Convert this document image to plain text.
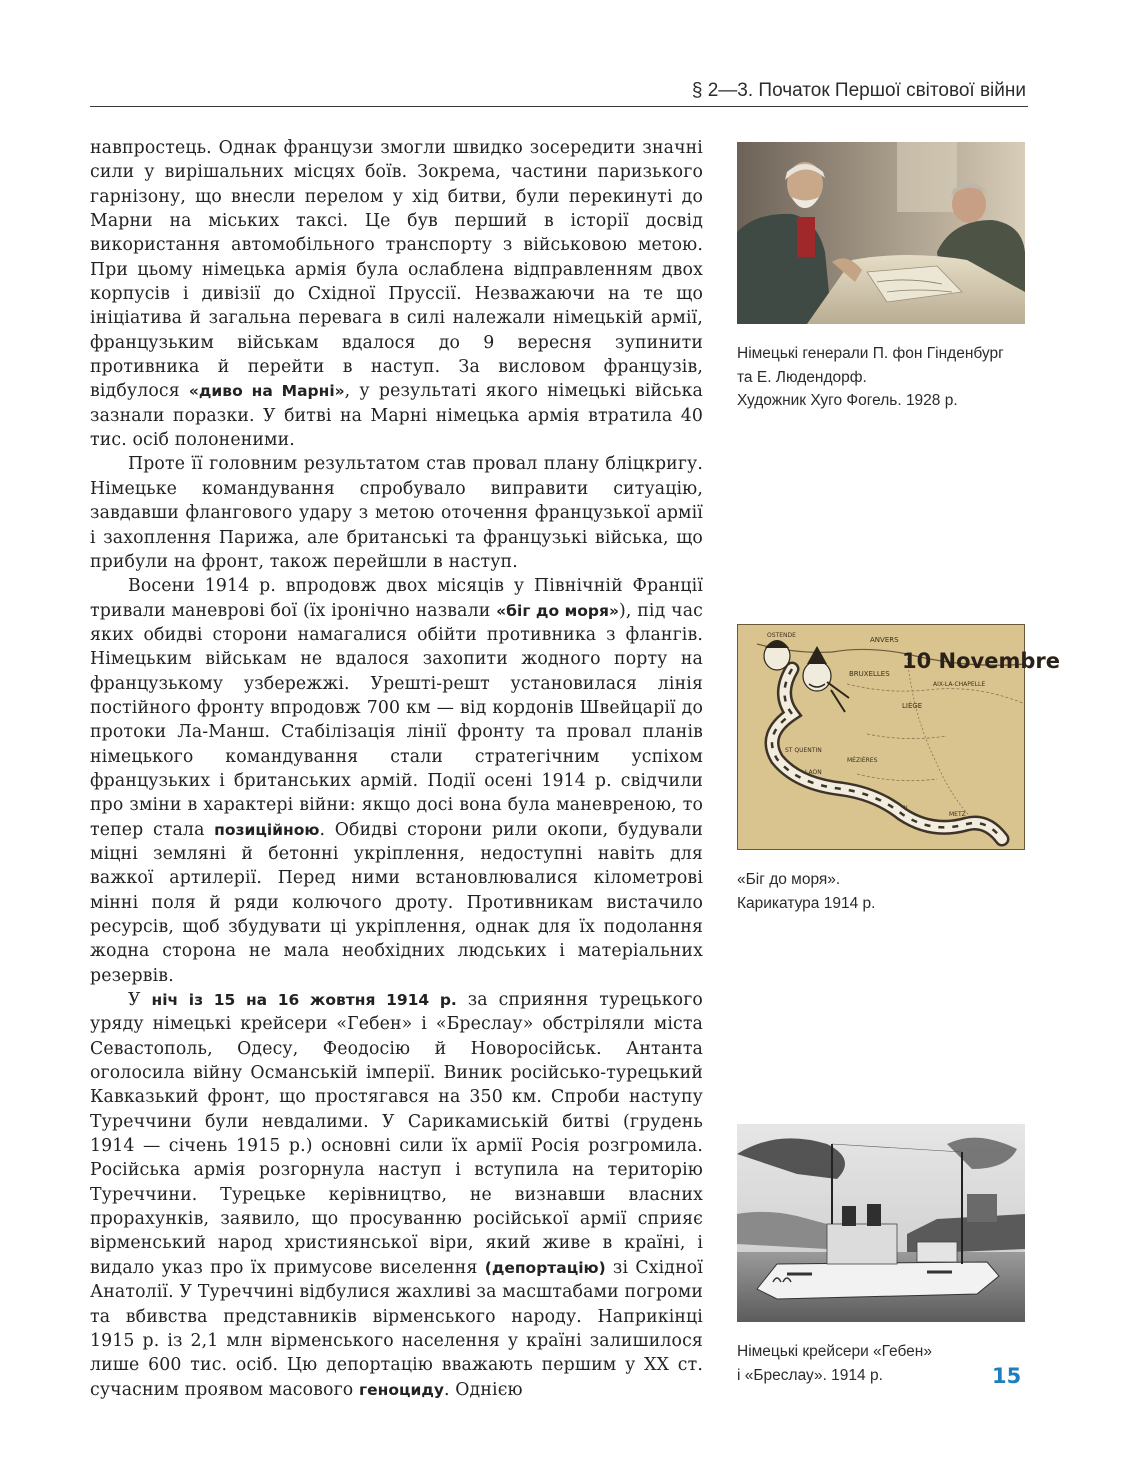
§ 2—3. Початок Першої світової війни

навпростець. Однак французи змогли швидко зосередити значні сили у вирішальних місцях боїв. Зокрема, частини паризького гарнізону, що внесли перелом у хід битви, були перекинуті до Марни на міських таксі. Це був перший в історії досвід використання автомобільного транспорту з військовою метою. При цьому німецька армія була ослаблена відправленням двох корпусів і дивізії до Східної Пруссії. Незважаючи на те що ініціатива й загальна перевага в силі належали німецькій армії, французьким військам вдалося до 9 вересня зупинити противника й перейти в наступ. За висловом французів, відбулося «диво на Марні», у результаті якого німецькі війська зазнали поразки. У битві на Марні німецька армія втратила 40 тис. осіб полоненими.

Проте її головним результатом став провал плану бліцкригу. Німецьке командування спробувало виправити ситуацію, завдавши флангового удару з метою оточення французької армії і захоплення Парижа, але британські та французькі війська, що прибули на фронт, також перейшли в наступ.

Восени 1914 р. впродовж двох місяців у Північній Франції тривали маневрові бої (їх іронічно назвали «біг до моря»), під час яких обидві сторони намагалися обійти противника з флангів. Німецьким військам не вдалося захопити жодного порту на французькому узбережжі. Урешті-решт установилася лінія постійного фронту впродовж 700 км — від кордонів Швейцарії до протоки Ла-Манш. Стабілізація лінії фронту та провал планів німецького командування стали стратегічним успіхом французьких і британських армій. Події осені 1914 р. свідчили про зміни в характері війни: якщо досі вона була маневреною, то тепер стала позиційною. Обидві сторони рили окопи, будували міцні земляні й бетонні укріплення, недоступні навіть для важкої артилерії. Перед ними встановлювалися кілометрові мінні поля й ряди колючого дроту. Противникам вистачило ресурсів, щоб збудувати ці укріплення, однак для їх подолання жодна сторона не мала необхідних людських і матеріальних резервів.

У ніч із 15 на 16 жовтня 1914 р. за сприяння турецького уряду німецькі крейсери «Гебен» і «Бреслау» обстріляли міста Севастополь, Одесу, Феодосію й Новоросійськ. Антанта оголосила війну Османській імперії. Виник російсько-турецький Кавказький фронт, що простягався на 350 км. Спроби наступу Туреччини були невдалими. У Сарикамиській битві (грудень 1914 — січень 1915 р.) основні сили їх армії Росія розгромила. Російська армія розгорнула наступ і вступила на територію Туреччини. Турецьке керівництво, не визнавши власних прорахунків, заявило, що просуванню російської армії сприяє вірменський народ християнської віри, який живе в країні, і видало указ про їх примусове виселення (депортацію) зі Східної Анатолії. У Туреччині відбулися жахливі за масштабами погроми та вбивства представників вірменського народу. Наприкінці 1915 р. із 2,1 млн вірменського населення у країні залишилося лише 600 тис. осіб. Цю депортацію вважають першим у ХХ ст. сучасним проявом масового геноциду. Однією

Німецькі генерали П. фон Гінденбург
та Е. Людендорф.
Художник Хуго Фогель. 1928 р.
10 Novembre
ANVERS
BRUXELLES
AIX-LA-CHAPELLE
LIÈGE
OSTENDE
ST QUENTIN
MÉZIÈRES
LAON
REIMS
VERDUN
METZ
«Біг до моря».
Карикатура 1914 р.
Німецькі крейсери «Гебен»
і «Бреслау». 1914 р.	15
